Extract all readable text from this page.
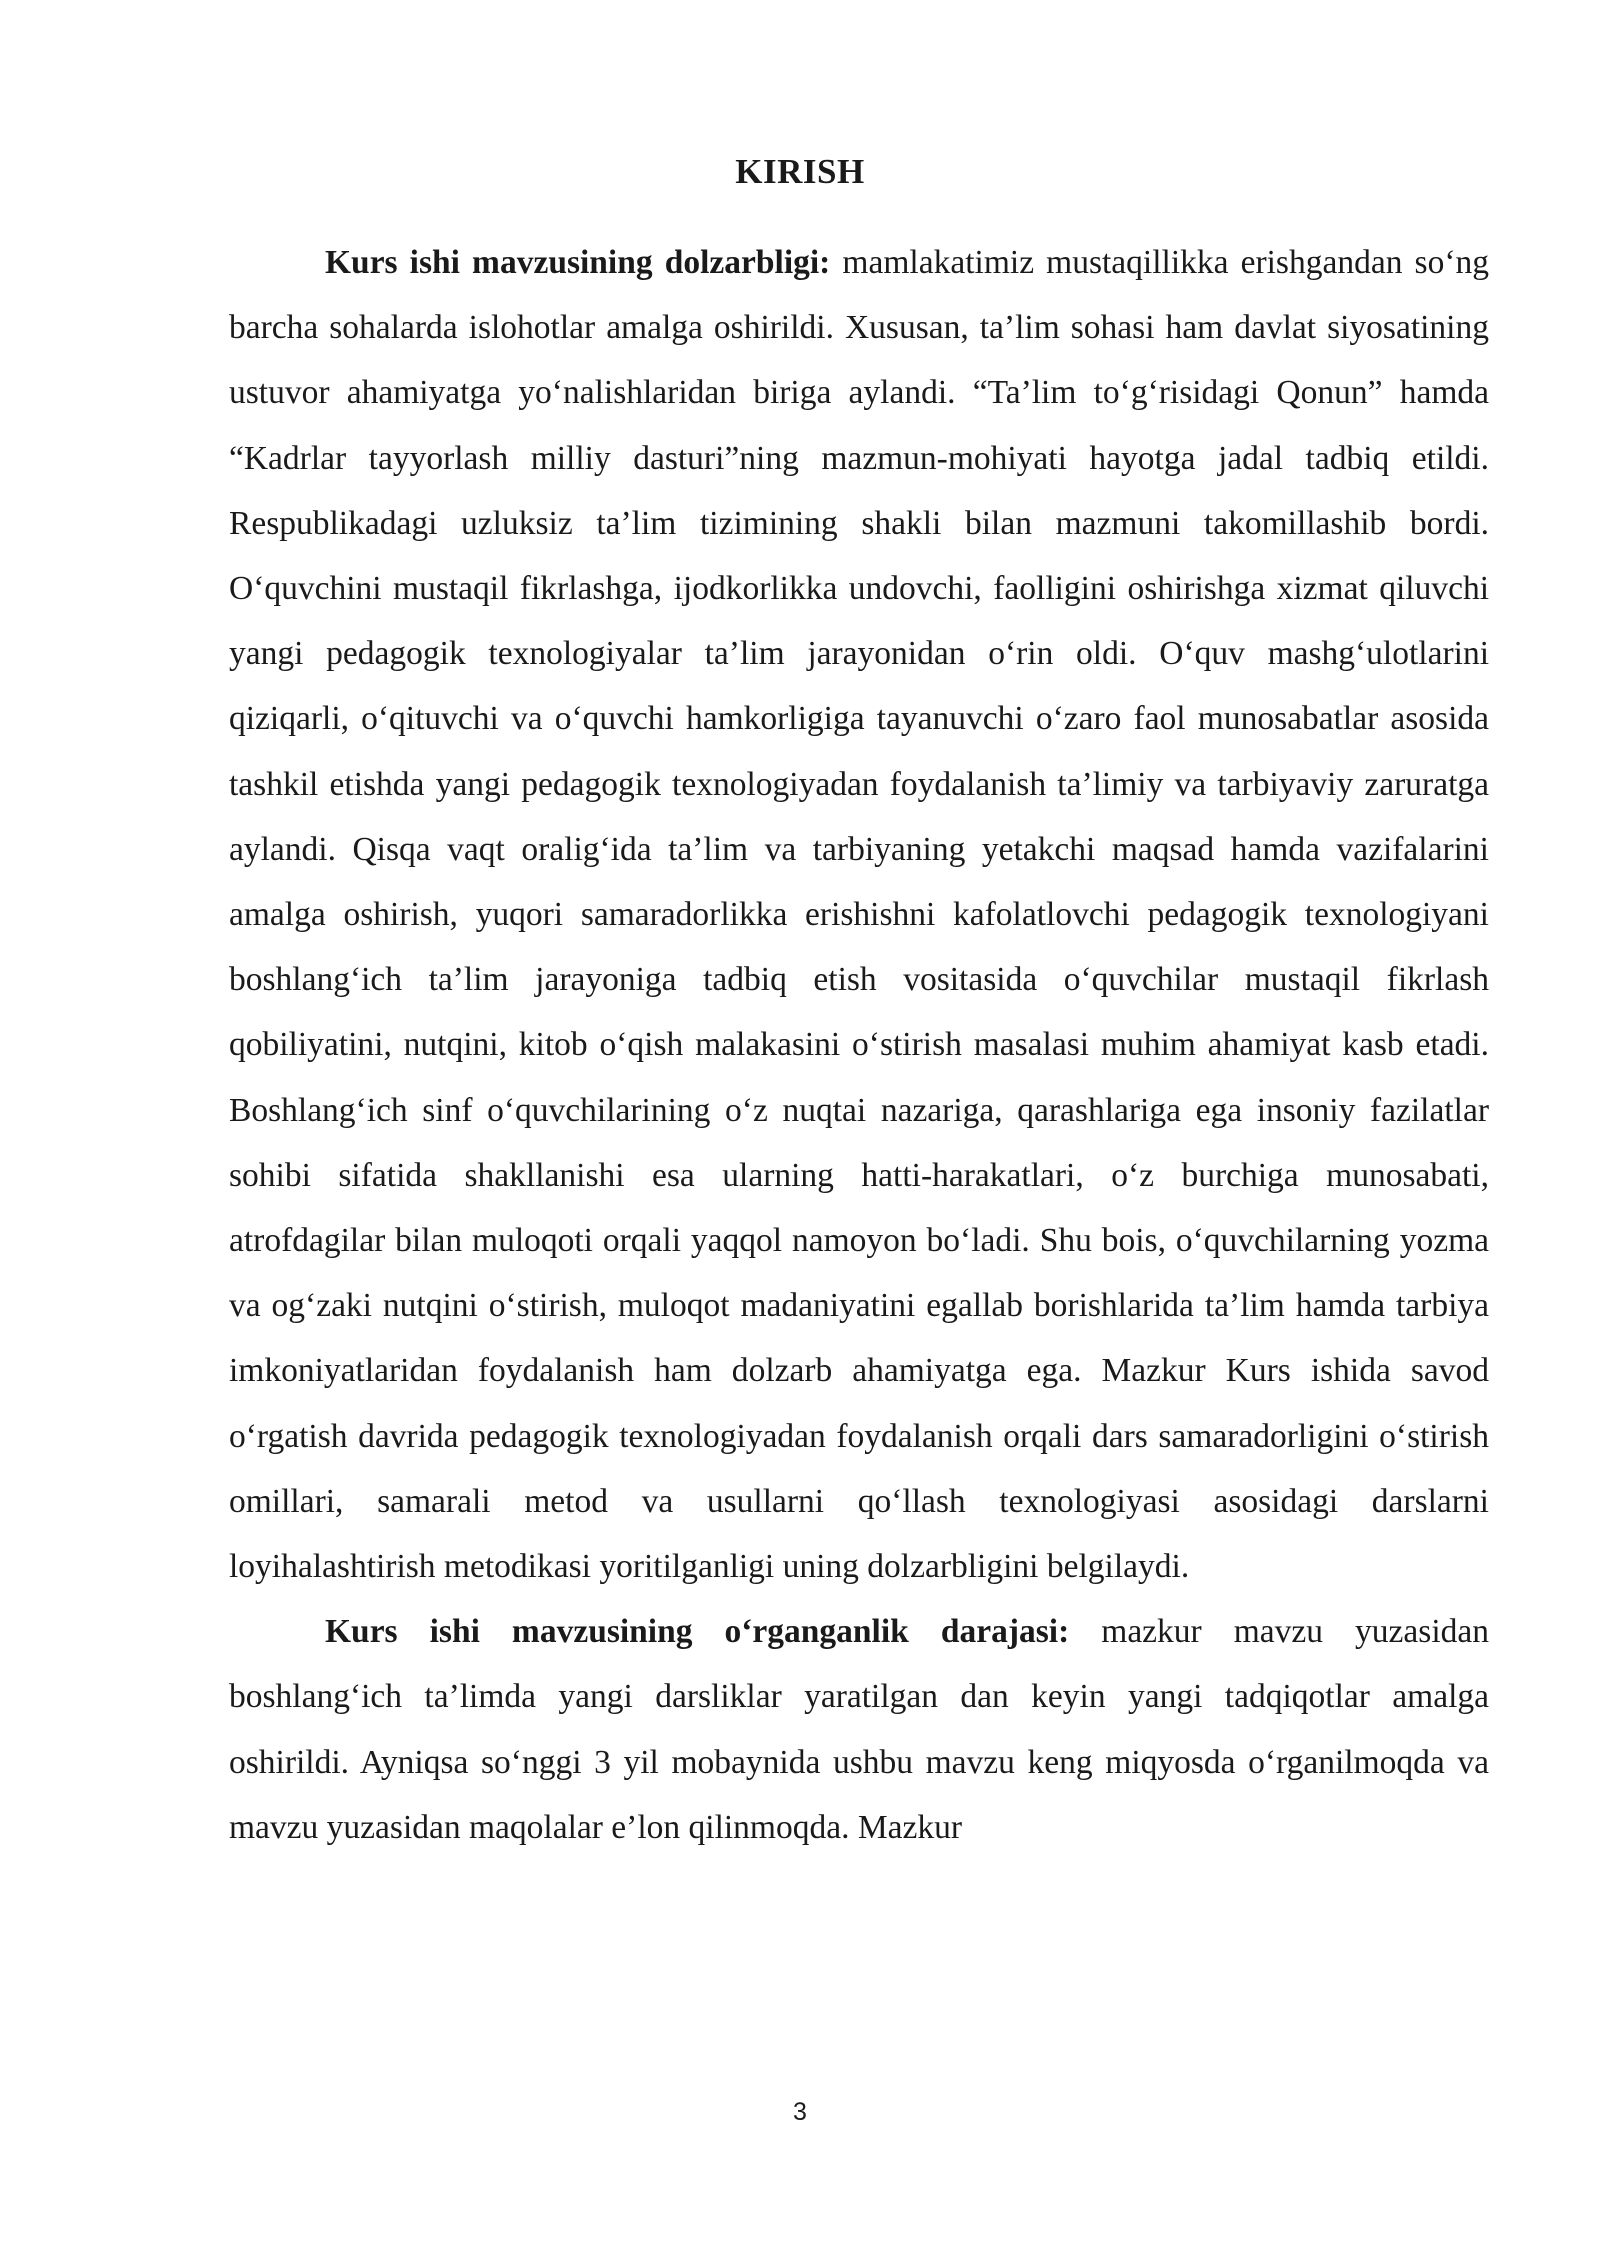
KIRISH

Kurs ishi mavzusining dolzarbligi: mamlakatimiz mustaqillikka erishgandan so‘ng barcha sohalarda islohotlar amalga oshirildi. Xususan, ta’lim sohasi ham davlat siyosatining ustuvor ahamiyatga yo‘nalishlaridan biriga aylandi. “Ta’lim to‘g‘risidagi Qonun” hamda “Kadrlar tayyorlash milliy dasturi”ning mazmun-mohiyati hayotga jadal tadbiq etildi. Respublikadagi uzluksiz ta’lim tizimining shakli bilan mazmuni takomillashib bordi. O‘quvchini mustaqil fikrlashga, ijodkorlikka undovchi, faolligini oshirishga xizmat qiluvchi yangi pedagogik texnologiyalar ta’lim jarayonidan o‘rin oldi. O‘quv mashg‘ulotlarini qiziqarli, o‘qituvchi va o‘quvchi hamkorligiga tayanuvchi o‘zaro faol munosabatlar asosida tashkil etishda yangi pedagogik texnologiyadan foydalanish ta’limiy va tarbiyaviy zaruratga aylandi. Qisqa vaqt oralig‘ida ta’lim va tarbiyaning yetakchi maqsad hamda vazifalarini amalga oshirish, yuqori samaradorlikka erishishni kafolatlovchi pedagogik texnologiyani boshlang‘ich ta’lim jarayoniga tadbiq etish vositasida o‘quvchilar mustaqil fikrlash qobiliyatini, nutqini, kitob o‘qish malakasini o‘stirish masalasi muhim ahamiyat kasb etadi. Boshlang‘ich sinf o‘quvchilarining o‘z nuqtai nazariga, qarashlariga ega insoniy fazilatlar sohibi sifatida shakllanishi esa ularning hatti-harakatlari, o‘z burchiga munosabati, atrofdagilar bilan muloqoti orqali yaqqol namoyon bo‘ladi. Shu bois, o‘quvchilarning yozma va og‘zaki nutqini o‘stirish, muloqot madaniyatini egallab borishlarida ta’lim hamda tarbiya imkoniyatlaridan foydalanish ham dolzarb ahamiyatga ega. Mazkur Kurs ishida savod o‘rgatish davrida pedagogik texnologiyadan foydalanish orqali dars samaradorligini o‘stirish omillari, samarali metod va usullarni qo‘llash texnologiyasi asosidagi darslarni loyihalashtirish metodikasi yoritilganligi uning dolzarbligini belgilaydi.

Kurs ishi mavzusining o‘rganganlik darajasi: mazkur mavzu yuzasidan boshlang‘ich ta’limda yangi darsliklar yaratilgan dan keyin yangi tadqiqotlar amalga oshirildi. Ayniqsa so‘nggi 3 yil mobaynida ushbu mavzu keng miqyosda o‘rganilmoqda va mavzu yuzasidan maqolalar e’lon qilinmoqda. Mazkur

3
